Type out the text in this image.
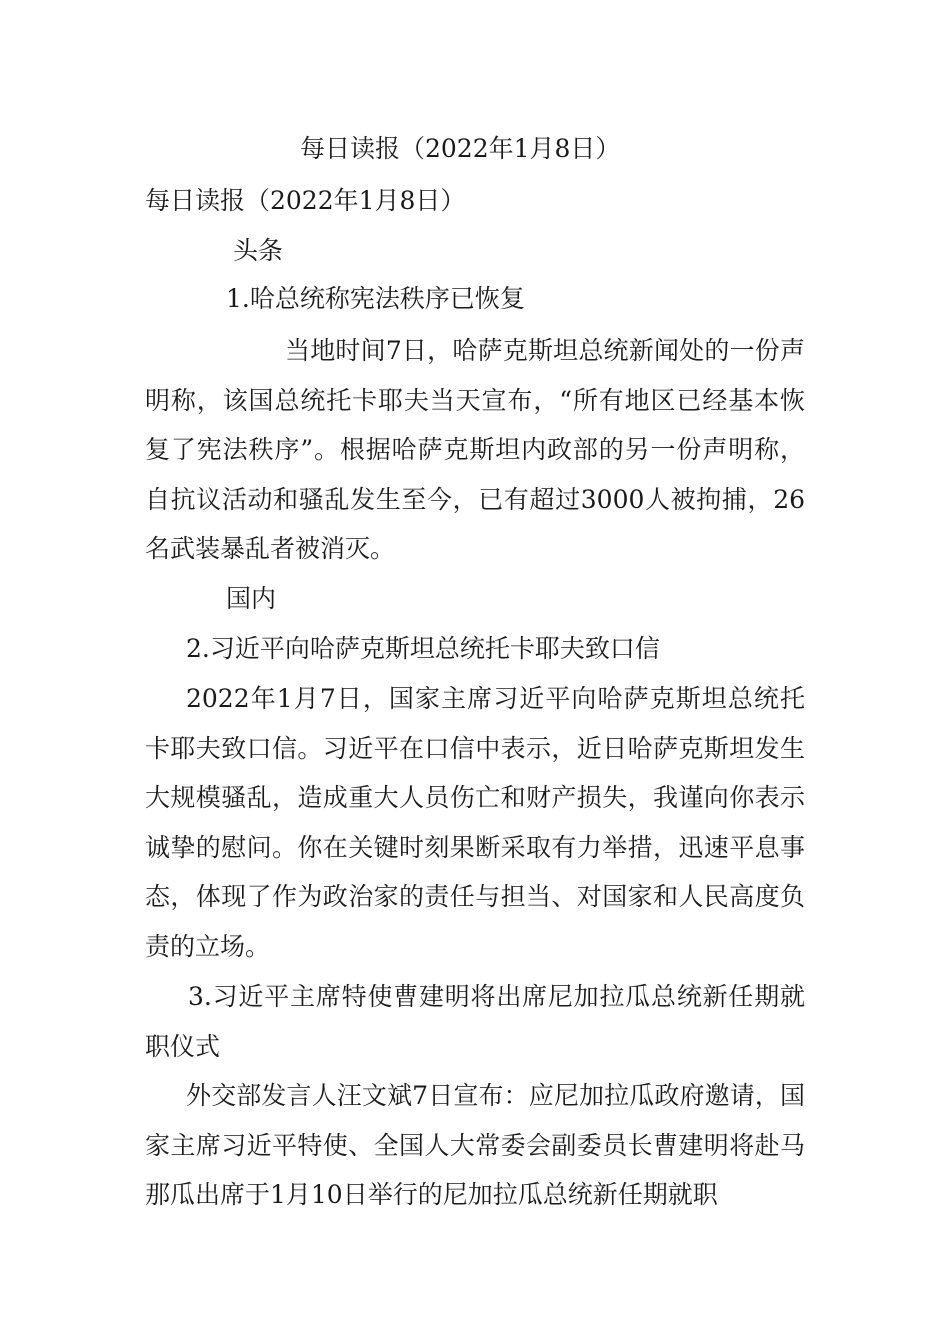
每日读报（2022年1月8日）

每日读报（2022年1月8日）

头条

1.哈总统称宪法秩序已恢复

当地时间7日，哈萨克斯坦总统新闻处的一份声明称，该国总统托卡耶夫当天宣布，“所有地区已经基本恢复了宪法秩序”。根据哈萨克斯坦内政部的另一份声明称，自抗议活动和骚乱发生至今，已有超过3000人被拘捕，26名武装暴乱者被消灭。

国内

2.习近平向哈萨克斯坦总统托卡耶夫致口信

2022年1月7日，国家主席习近平向哈萨克斯坦总统托卡耶夫致口信。习近平在口信中表示，近日哈萨克斯坦发生大规模骚乱，造成重大人员伤亡和财产损失，我谨向你表示诚挚的慰问。你在关键时刻果断采取有力举措，迅速平息事态，体现了作为政治家的责任与担当、对国家和人民高度负责的立场。

3.习近平主席特使曹建明将出席尼加拉瓜总统新任期就职仪式

外交部发言人汪文斌7日宣布：应尼加拉瓜政府邀请，国家主席习近平特使、全国人大常委会副委员长曹建明将赴马那瓜出席于1月10日举行的尼加拉瓜总统新任期就职
